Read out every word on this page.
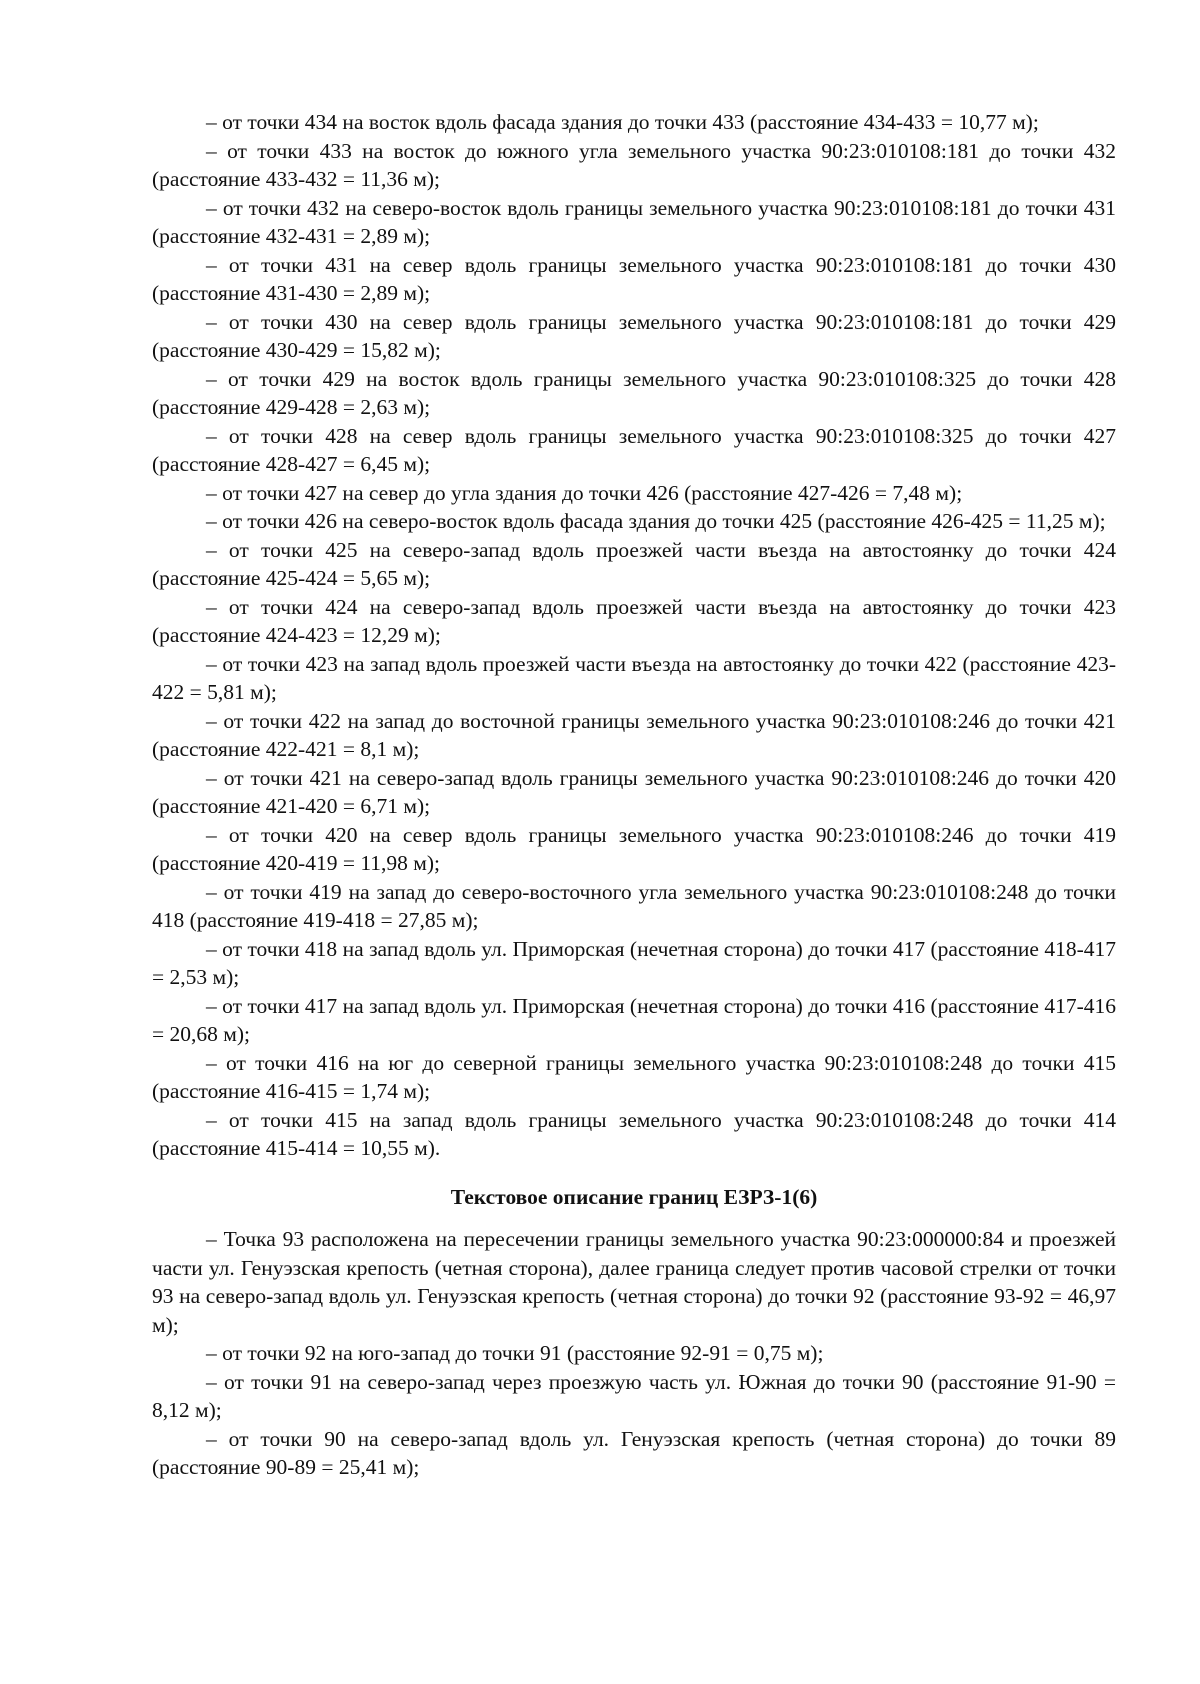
– от точки 434 на восток вдоль фасада здания до точки 433 (расстояние 434-433 = 10,77 м);

– от точки 433 на восток до южного угла земельного участка 90:23:010108:181 до точки 432 (расстояние 433-432 = 11,36 м);

– от точки 432 на северо-восток вдоль границы земельного участка 90:23:010108:181 до точки 431 (расстояние 432-431 = 2,89 м);

– от точки 431 на север вдоль границы земельного участка 90:23:010108:181 до точки 430 (расстояние 431-430 = 2,89 м);

– от точки 430 на север вдоль границы земельного участка 90:23:010108:181 до точки 429 (расстояние 430-429 = 15,82 м);

– от точки 429 на восток вдоль границы земельного участка 90:23:010108:325 до точки 428 (расстояние 429-428 = 2,63 м);

– от точки 428 на север вдоль границы земельного участка 90:23:010108:325 до точки 427 (расстояние 428-427 = 6,45 м);

– от точки 427 на север до угла здания до точки 426 (расстояние 427-426 = 7,48 м);

– от точки 426 на северо-восток вдоль фасада здания до точки 425 (расстояние 426-425 = 11,25 м);

– от точки 425 на северо-запад вдоль проезжей части въезда на автостоянку до точки 424 (расстояние 425-424 = 5,65 м);

– от точки 424 на северо-запад вдоль проезжей части въезда на автостоянку до точки 423 (расстояние 424-423 = 12,29 м);

– от точки 423 на запад вдоль проезжей части въезда на автостоянку до точки 422 (расстояние 423-422 = 5,81 м);

– от точки 422 на запад до восточной границы земельного участка 90:23:010108:246 до точки 421 (расстояние 422-421 = 8,1 м);

– от точки 421 на северо-запад вдоль границы земельного участка 90:23:010108:246 до точки 420 (расстояние 421-420 = 6,71 м);

– от точки 420 на север вдоль границы земельного участка 90:23:010108:246 до точки 419 (расстояние 420-419 = 11,98 м);

– от точки 419 на запад до северо-восточного угла земельного участка 90:23:010108:248 до точки 418 (расстояние 419-418 = 27,85 м);

– от точки 418 на запад вдоль ул. Приморская (нечетная сторона) до точки 417 (расстояние 418-417 = 2,53 м);

– от точки 417 на запад вдоль ул. Приморская (нечетная сторона) до точки 416 (расстояние 417-416 = 20,68 м);

– от точки 416 на юг до северной границы земельного участка 90:23:010108:248 до точки 415 (расстояние 416-415 = 1,74 м);

– от точки 415 на запад вдоль границы земельного участка 90:23:010108:248 до точки 414 (расстояние 415-414 = 10,55 м).

Текстовое описание границ ЕЗРЗ-1(6)

– Точка 93 расположена на пересечении границы земельного участка 90:23:000000:84 и проезжей части ул. Генуэзская крепость (четная сторона), далее граница следует против часовой стрелки от точки 93 на северо-запад вдоль ул. Генуэзская крепость (четная сторона) до точки 92 (расстояние 93-92 = 46,97 м);

– от точки 92 на юго-запад до точки 91 (расстояние 92-91 = 0,75 м);

– от точки 91 на северо-запад через проезжую часть ул. Южная до точки 90 (расстояние 91-90 = 8,12 м);

– от точки 90 на северо-запад вдоль ул. Генуэзская крепость (четная сторона) до точки 89 (расстояние 90-89 = 25,41 м);
